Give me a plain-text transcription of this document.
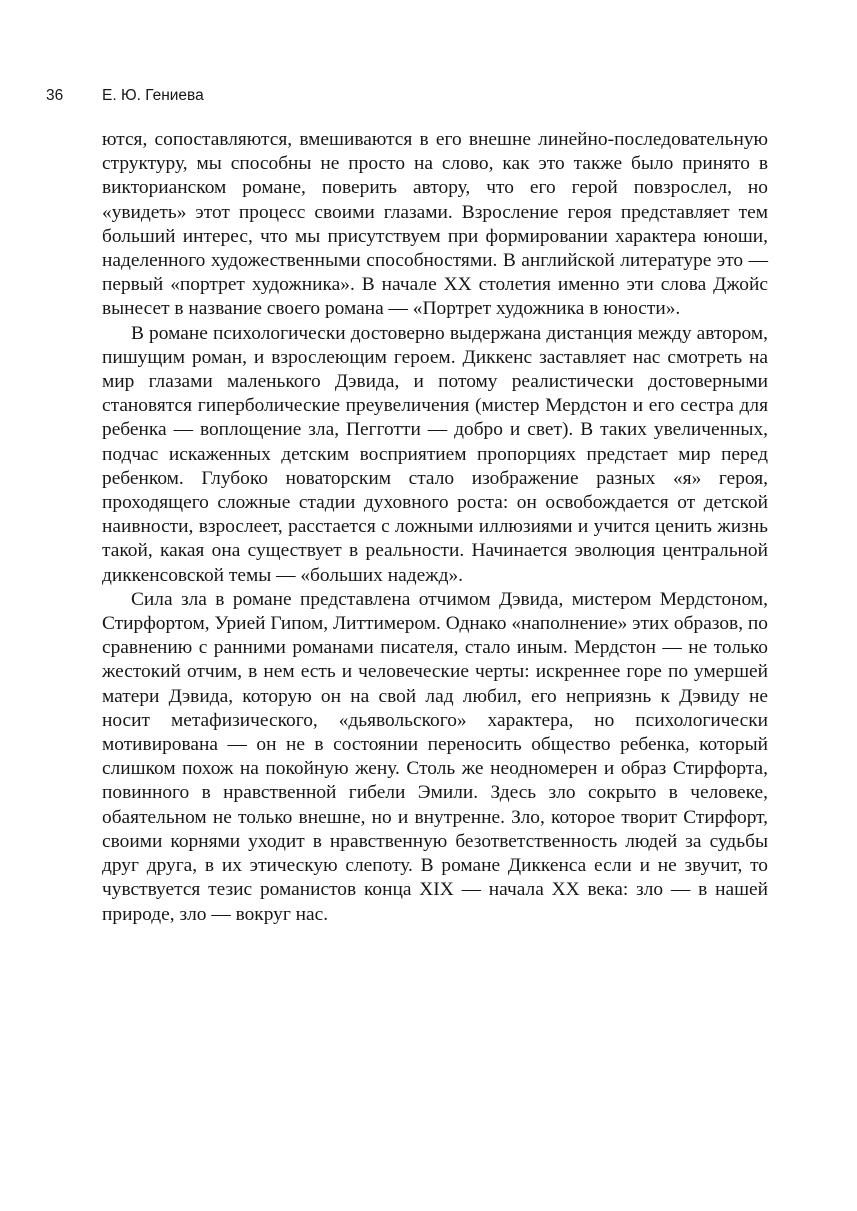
36	Е. Ю. Гениева

ются, сопоставляются, вмешиваются в его внешне линейно-последовательную структуру, мы способны не просто на слово, как это также было принято в викторианском романе, поверить автору, что его герой повзрослел, но «увидеть» этот процесс своими глазами. Взросление героя представляет тем больший интерес, что мы присутствуем при формировании характера юноши, наделенного художественными способностями. В английской литературе это — первый «портрет художника». В начале XX столетия именно эти слова Джойс вынесет в название своего романа — «Портрет художника в юности».

В романе психологически достоверно выдержана дистанция между автором, пишущим роман, и взрослеющим героем. Диккенс заставляет нас смотреть на мир глазами маленького Дэвида, и потому реалистически достоверными становятся гиперболические преувеличения (мистер Мердстон и его сестра для ребенка — воплощение зла, Пегготти — добро и свет). В таких увеличенных, подчас искаженных детским восприятием пропорциях предстает мир перед ребенком. Глубоко новаторским стало изображение разных «я» героя, проходящего сложные стадии духовного роста: он освобождается от детской наивности, взрослеет, расстается с ложными иллюзиями и учится ценить жизнь такой, какая она существует в реальности. Начинается эволюция центральной диккенсовской темы — «больших надежд».

Сила зла в романе представлена отчимом Дэвида, мистером Мердстоном, Стирфортом, Урией Гипом, Литтимером. Однако «наполнение» этих образов, по сравнению с ранними романами писателя, стало иным. Мердстон — не только жестокий отчим, в нем есть и человеческие черты: искреннее горе по умершей матери Дэвида, которую он на свой лад любил, его неприязнь к Дэвиду не носит метафизического, «дьявольского» характера, но психологически мотивирована — он не в состоянии переносить общество ребенка, который слишком похож на покойную жену. Столь же неодномерен и образ Стирфорта, повинного в нравственной гибели Эмили. Здесь зло сокрыто в человеке, обаятельном не только внешне, но и внутренне. Зло, которое творит Стирфорт, своими корнями уходит в нравственную безответственность людей за судьбы друг друга, в их этическую слепоту. В романе Диккенса если и не звучит, то чувствуется тезис романистов конца XIX — начала XX века: зло — в нашей природе, зло — вокруг нас.
